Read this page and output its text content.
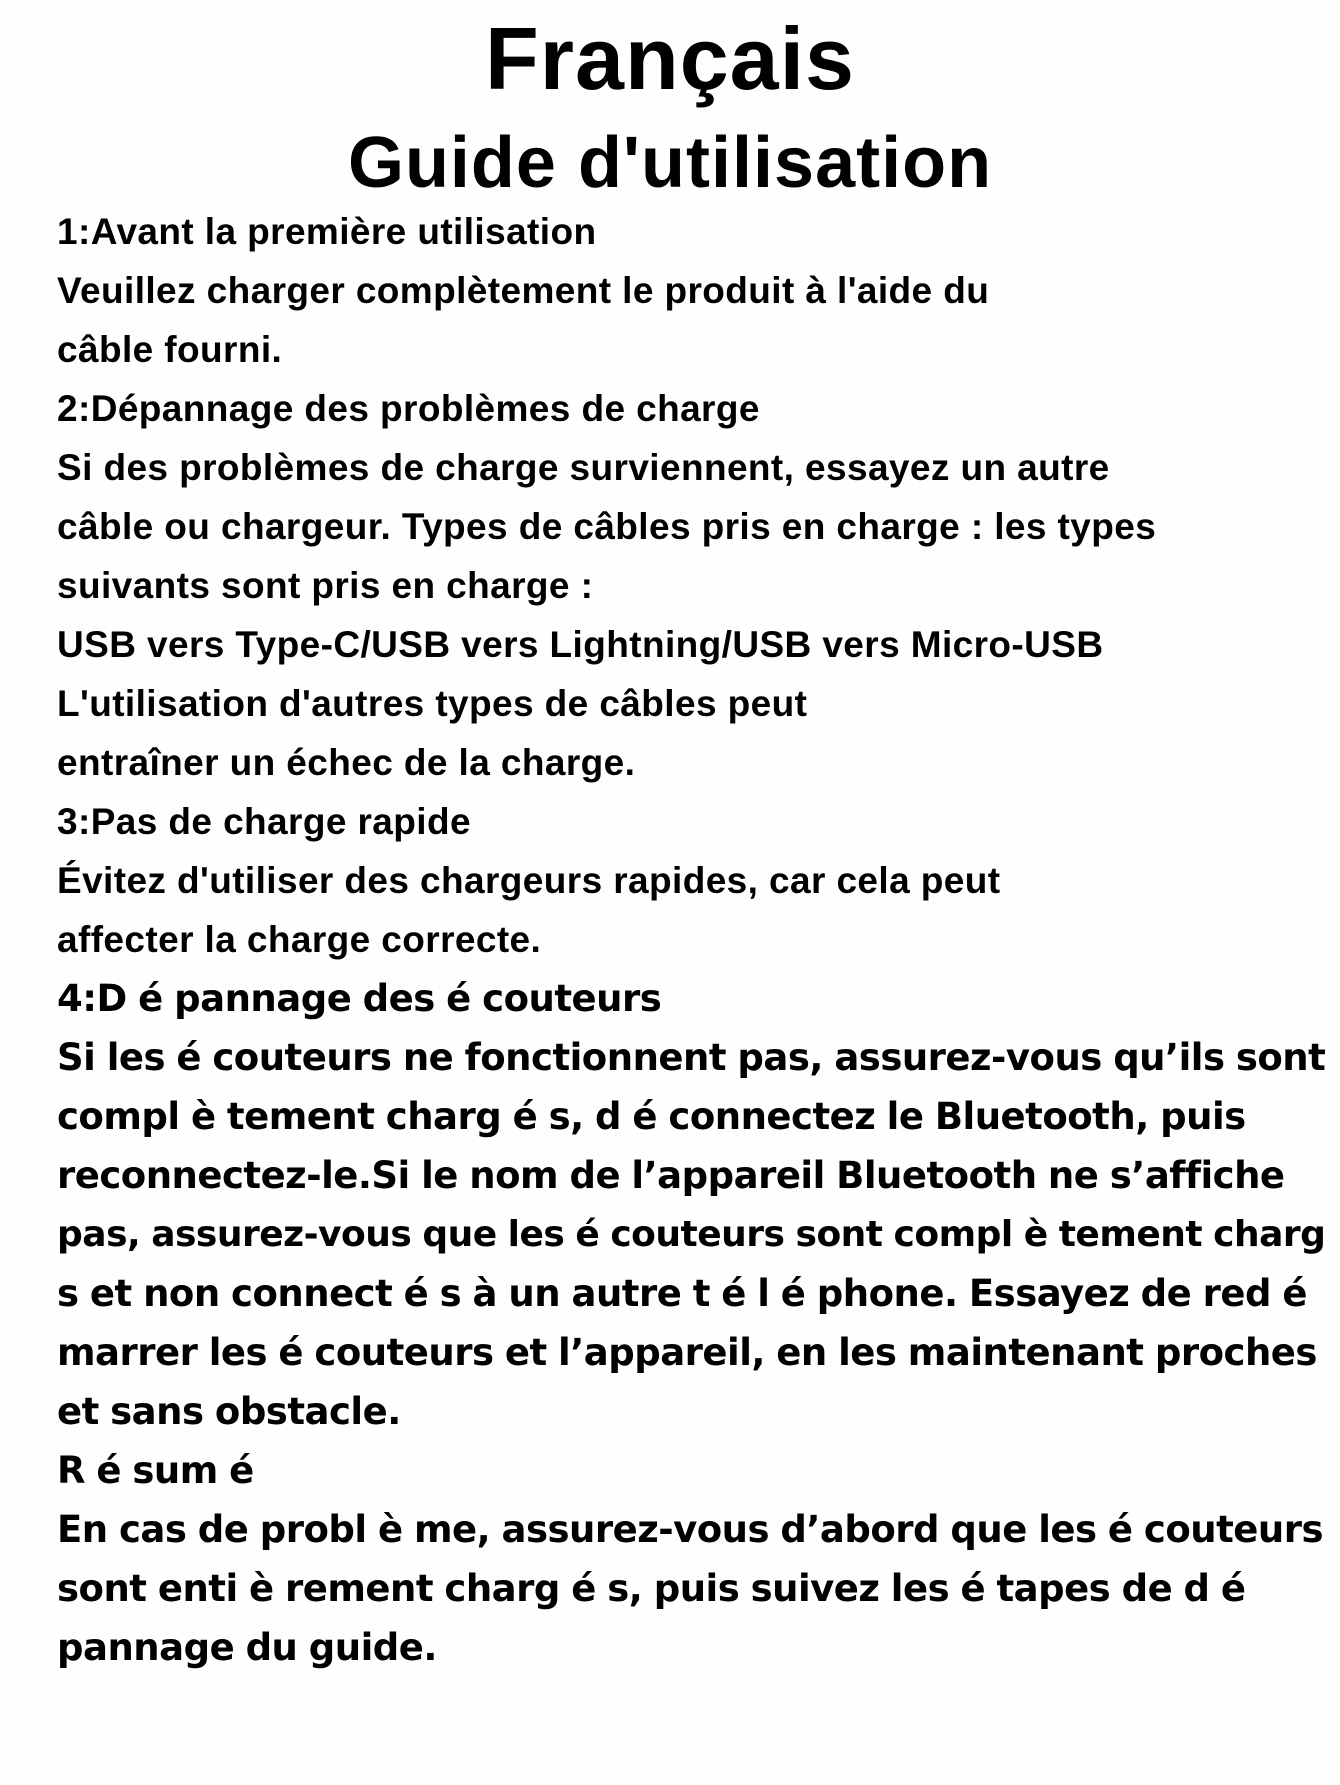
Français
Guide d'utilisation
1:Avant la première utilisation
Veuillez charger complètement le produit à l'aide du
câble fourni.
2:Dépannage des problèmes de charge
Si des problèmes de charge surviennent, essayez un autre
câble ou chargeur. Types de câbles pris en charge : les types
suivants sont pris en charge :
USB vers Type-C/USB vers Lightning/USB vers Micro-USB
L'utilisation d'autres types de câbles peut
entraîner un échec de la charge.
3:Pas de charge rapide
Évitez d'utiliser des chargeurs rapides, car cela peut
affecter la charge correcte.
4:D é pannage des é couteurs
Si les é couteurs ne fonctionnent pas, assurez-vous qu’ils sont
compl è tement charg é s, d é connectez le Bluetooth, puis
reconnectez-le.Si le nom de l’appareil Bluetooth ne s’affiche
pas, assurez-vous que les é couteurs sont compl è tement charg
s et non connect é s à un autre t é l é phone. Essayez de red é
marrer les é couteurs et l’appareil, en les maintenant proches
et sans obstacle.
R é sum é
En cas de probl è me, assurez-vous d’abord que les é couteurs
sont enti è rement charg é s, puis suivez les é tapes de d é
pannage du guide.
